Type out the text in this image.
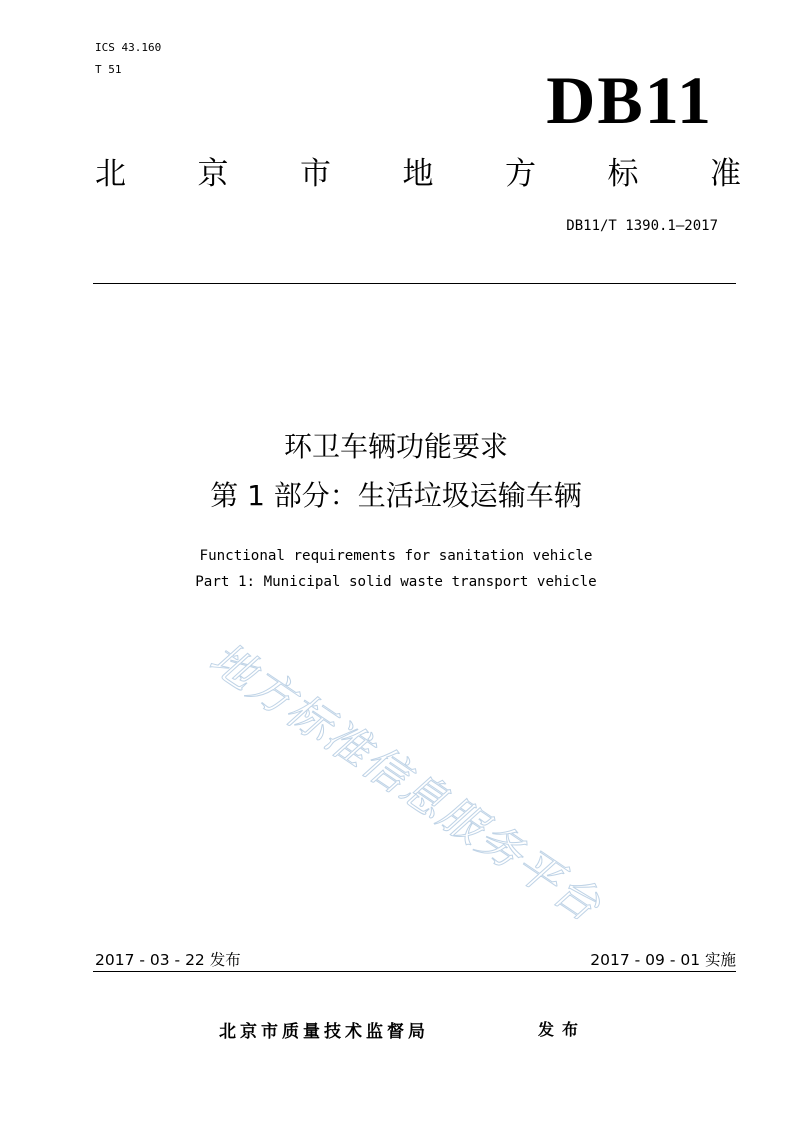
ICS 43.160
T 51	DB11
北 京 市 地 方 标 准
DB11/T 1390.1—2017
环卫车辆功能要求
第 1 部分：生活垃圾运输车辆
Functional requirements for sanitation vehicle
Part 1: Municipal solid waste transport vehicle
地方标准信息服务平台
2017 - 03 - 22 发布	2017 - 09 - 01 实施
北京市质量技术监督局	发布
